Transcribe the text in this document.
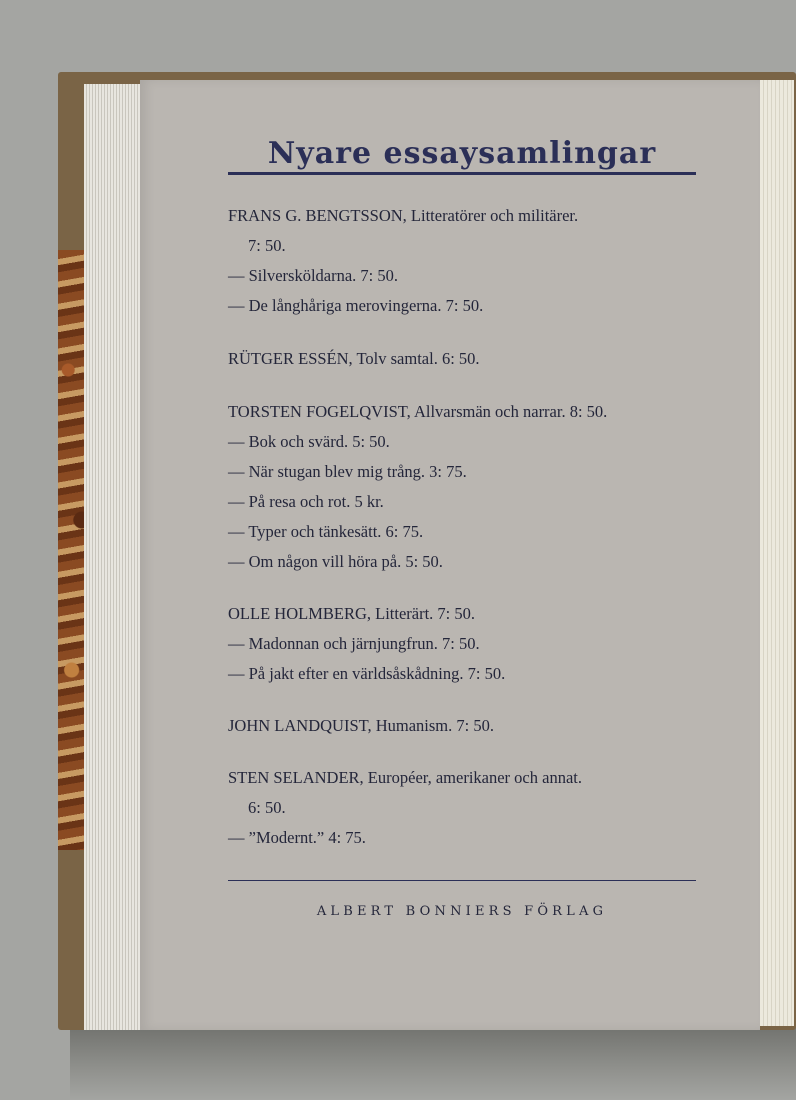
Nyare essaysamlingar
FRANS G. BENGTSSON, Litteratörer och militärer.
7: 50.
— Silversköldarna. 7: 50.
— De långhåriga merovingerna. 7: 50.
RÜTGER ESSÉN, Tolv samtal. 6: 50.
TORSTEN FOGELQVIST, Allvarsmän och narrar. 8: 50.
— Bok och svärd. 5: 50.
— När stugan blev mig trång. 3: 75.
— På resa och rot. 5 kr.
— Typer och tänkesätt. 6: 75.
— Om någon vill höra på. 5: 50.
OLLE HOLMBERG, Litterärt. 7: 50.
— Madonnan och järnjungfrun. 7: 50.
— På jakt efter en världsåskådning. 7: 50.
JOHN LANDQUIST, Humanism. 7: 50.
STEN SELANDER, Européer, amerikaner och annat.
6: 50.
— ”Modernt.” 4: 75.
ALBERT BONNIERS FÖRLAG
